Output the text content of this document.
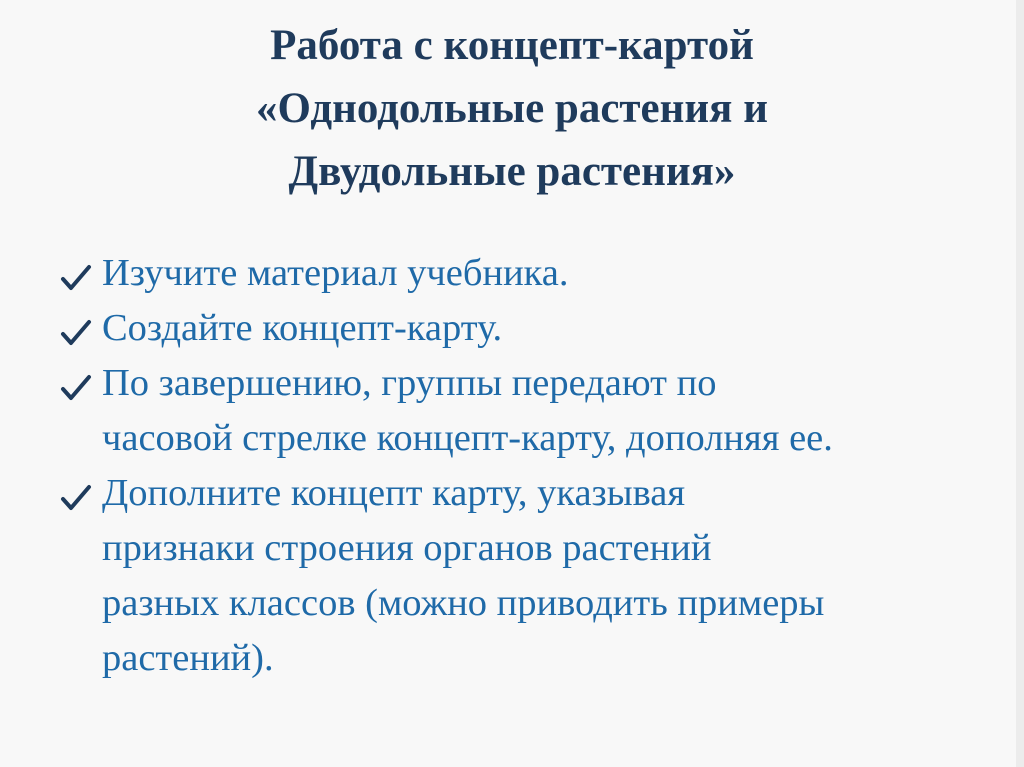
Работа с концепт-картой
«Однодольные растения и
Двудольные растения»
Изучите материал учебника.
Создайте концепт-карту.
По завершению, группы передают по
часовой стрелке концепт-карту, дополняя ее.
Дополните концепт карту, указывая
признаки строения органов растений
разных классов (можно приводить примеры
растений).
